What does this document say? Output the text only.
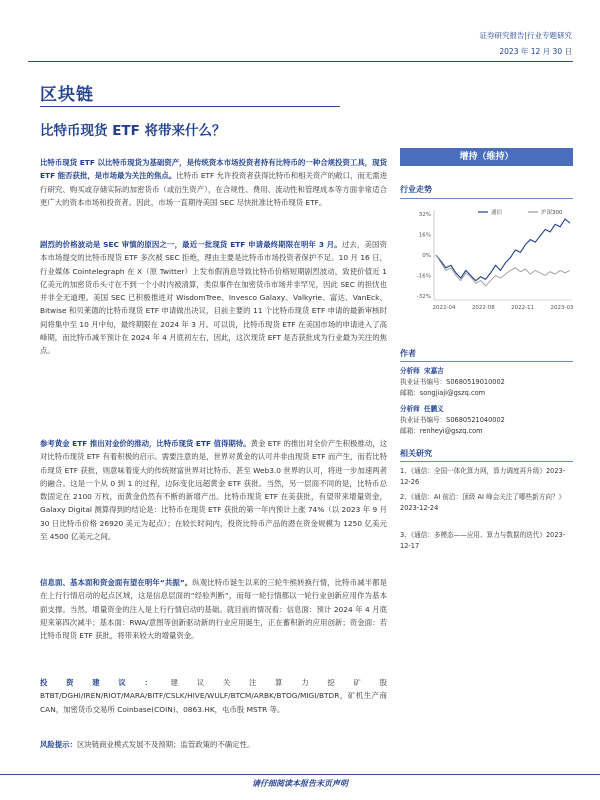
证券研究报告|行业专题研究
2023 年 12 月 30 日
区块链
比特币现货 ETF 将带来什么？
比特币现货 ETF 以比特币现货为基础资产，是传统资本市场投资者持有比特币的一种合规投资工具，现货 ETF 能否获批，是市场最为关注的焦点。比特币 ETF 允许投资者获得比特币和相关资产的敞口，而无需进行研究、购买或存储实际的加密货币（或衍生资产），在合规性、费用、流动性和管理成本等方面非常适合更广大的资本市场和投资者。因此，市场一直期待美国 SEC 尽快批准比特币现货 ETF。
剧烈的价格波动是 SEC 审慎的原因之一，最近一批现货 ETF 申请最终期限在明年 3 月。过去，美国资本市场提交的比特币现货 ETF 多次被 SEC 拒绝，理由主要是比特币市场投资者保护不足。10 月 16 日，行业媒体 Cointelegraph 在 X（原 Twitter）上发布假消息导致比特币价格短期剧烈波动，致使价值近 1 亿美元的加密货币头寸在不到一个小时内被清算，类似事件在加密货币市场并非罕见，因此 SEC 的担忧也并非全无道理。美国 SEC 已积极推进对 WisdomTree、Invesco Galaxy、Valkyrie、富达、VanEck、Bitwise 和贝莱德的比特币现货 ETF 申请做出决议，目前主要的 11 个比特币现货 ETF 申请的最新审核时间将集中至 10 月中旬，最终期限在 2024 年 3 月。可以说，比特币现货 ETF 在美国市场的申请进入了高峰期，而比特币减半预计在 2024 年 4 月底初左右，因此，这次现货 EFT 是否获批成为行业最为关注的焦点。
参考黄金 ETF 推出对金价的推动，比特币现货 ETF 值得期待。黄金 ETF 的推出对全价产生积极推动，这对比特币现货 ETF 有着积极的启示。需要注意的是，世界对黄金的认可并非由现货 ETF 而产生，而若比特币现货 ETF 获批，则意味着庞大的传统财富世界对比特币、甚至 Web3.0 世界的认可，将进一步加速两者的融合。这是一个从 0 到 1 的过程，边际变化远超黄金 ETF 获批。当然，另一层面不同的是，比特币总数固定在 2100 万枚，而黄金仍然有不断的新增产出。比特币现货 ETF 在美获批，有望带来增量资金，Galaxy Digital 测算得到的结论是：比特币在现货 ETF 获批的第一年内预计上涨 74%（以 2023 年 9 月 30 日比特币价格 26920 美元为起点）；在较长时间内，投资比特币产品的潜在资金规模为 1250 亿美元至 4500 亿美元之间。
信息面、基本面和资金面有望在明年“共振”。纵观比特币诞生以来的三轮牛熊转换行情，比特币减半都是在上行行情启动的起点区域，这是信息层面的“经验判断”，而每一轮行情都以一轮行业创新应用作为基本面支撑。当然，增量资金的注入是上行行情启动的基础。就目前的情况看：信息面：预计 2024 年 4 月底迎来第四次减半；基本面：RWA/意图等创新驱动新的行业应用诞生，正在蓄积新的应用创新；资金面：若比特币现货 ETF 获批，将带来较大的增量资金。
投资建议：建议关注算力挖矿股 BTBT/DGHI/IREN/RIOT/MARA/BITF/CSLK/HIVE/WULF/BTCM/ARBK/BTOG/MIGI/BTDR，矿机生产商 CAN，加密货币交易所 Coinbase(COIN)、0863.HK，屯币股 MSTR 等。
风险提示：区块链商业模式发展不及预期；监管政策的不确定性。
增持（维持）
行业走势
32%
16%
0%
-16%
-32%
2022-04	2022-08	2022-11	2023-03
通信	沪深300
作者
分析师 宋嘉吉
执业证书编号：S0680519010002
邮箱：songjiaji@gszq.com
分析师 任鹏义
执业证书编号：S0680521040002
邮箱：renheyi@gszq.com
相关研究
1、《通信：全国一体化算力网，算力调度再升级》2023-12-26
2、《通信：AI 前沿：顶级 AI 峰会关注了哪些新方向？》2023-12-24
3、《通信：多模态——应用、算力与数据的迭代》2023-12-17
请仔细阅读本报告末页声明
